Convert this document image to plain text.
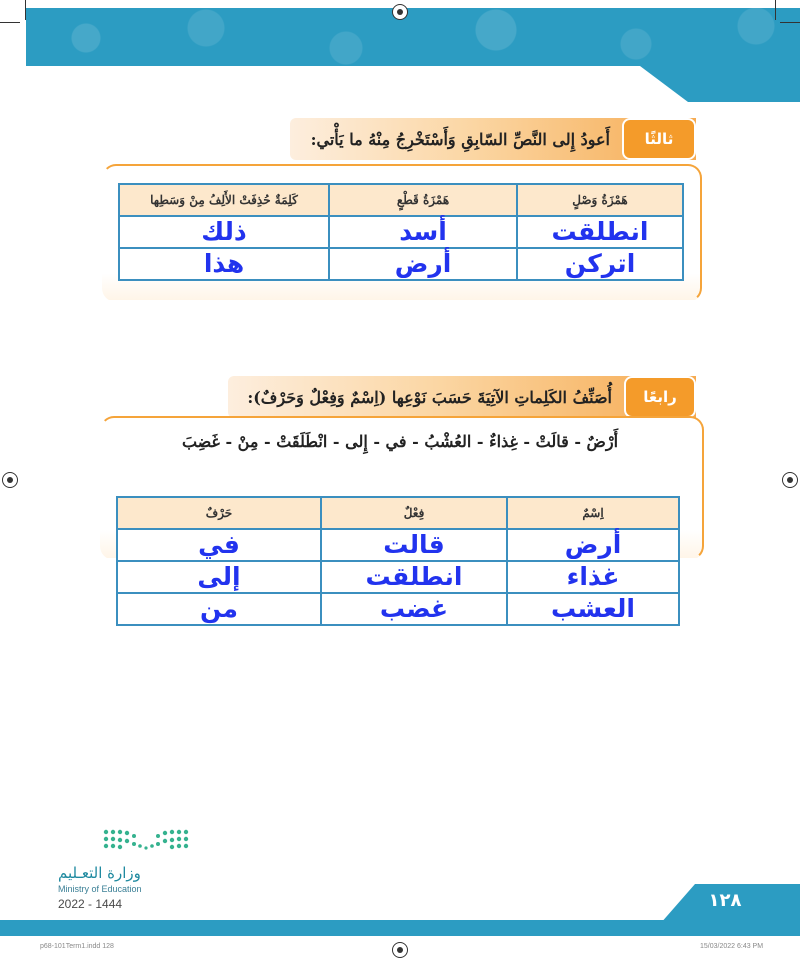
ثالثًا
أَعودُ إِلى النَّصِّ السّابِقِ وَأَسْتَخْرِجُ مِنْهُ ما يَأْتي:
هَمْزَةُ وَصْلٍ	هَمْزَةُ قَطْعٍ	كَلِمَةٌ حُذِفَتْ الأَلِفُ مِنْ وَسَطِها
انطلقت	أسد	ذلك
اتركن	أرض	هذا
رابعًا
أُصَنِّفُ الكَلِماتِ الآتِيَةَ حَسَبَ نَوْعِها (اِسْمٌ وَفِعْلٌ وَحَرْفٌ):
أَرْضٌ - قالَتْ - غِذاءٌ - العُشْبُ - في - إِلى - انْطَلَقَتْ - مِنْ - غَضِبَ
اِسْمٌ	فِعْلٌ	حَرْفٌ
أرض	قالت	في
غذاء	انطلقت	إلى
العشب	غضب	من
وزارة التعـليم
Ministry of Education
2022 - 1444	١٢٨
p68-101Term1.indd 128	15/03/2022 6:43 PM
